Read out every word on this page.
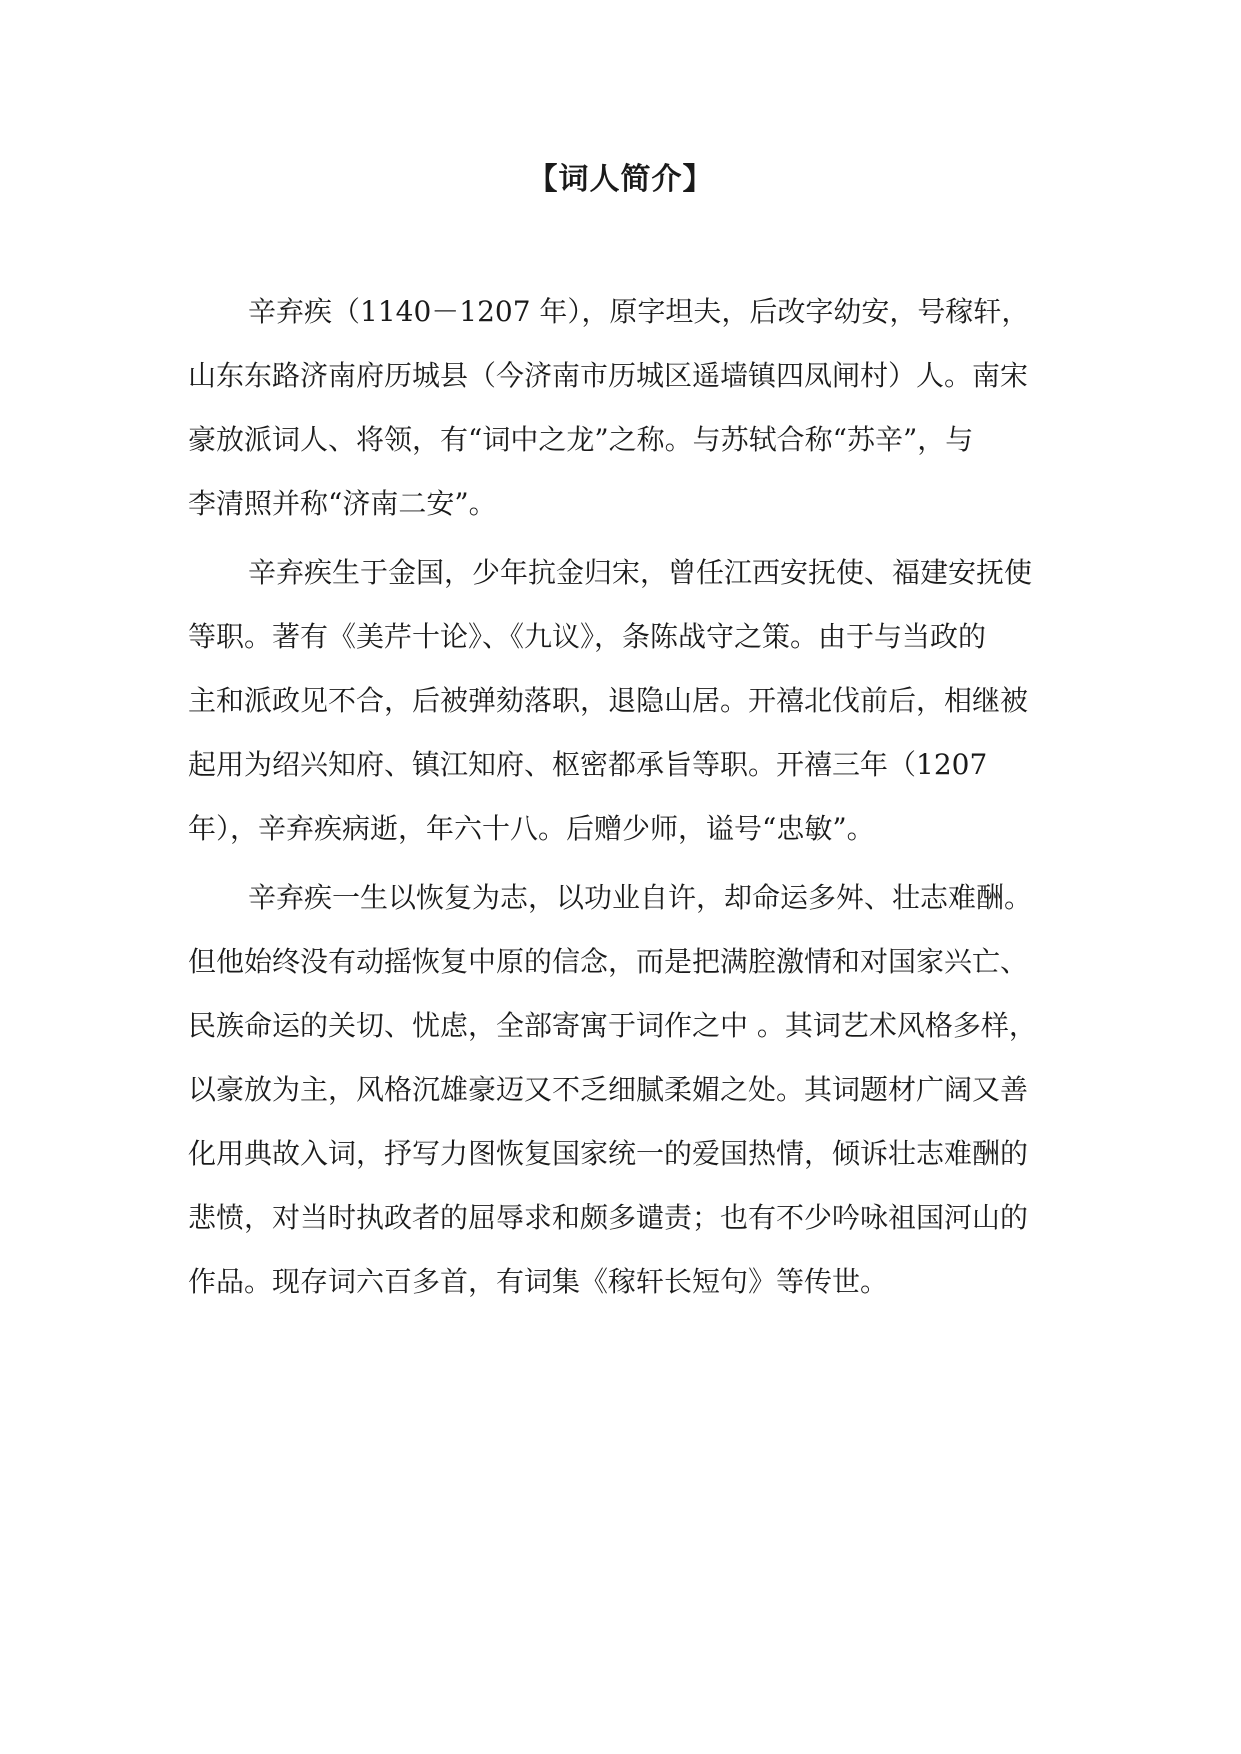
【词人简介】
辛弃疾（1140－1207 年），原字坦夫，后改字幼安，号稼轩，
山东东路济南府历城县（今济南市历城区遥墙镇四凤闸村）人。南宋
豪放派词人、将领，有“词中之龙”之称。与苏轼合称“苏辛”，与
李清照并称“济南二安”。
辛弃疾生于金国，少年抗金归宋，曾任江西安抚使、福建安抚使
等职。著有《美芹十论》、《九议》，条陈战守之策。由于与当政的
主和派政见不合，后被弹劾落职，退隐山居。开禧北伐前后，相继被
起用为绍兴知府、镇江知府、枢密都承旨等职。开禧三年（1207
年），辛弃疾病逝，年六十八。后赠少师，谥号“忠敏”。
辛弃疾一生以恢复为志，以功业自许，却命运多舛、壮志难酬。
但他始终没有动摇恢复中原的信念，而是把满腔激情和对国家兴亡、
民族命运的关切、忧虑，全部寄寓于词作之中 。其词艺术风格多样，
以豪放为主，风格沉雄豪迈又不乏细腻柔媚之处。其词题材广阔又善
化用典故入词，抒写力图恢复国家统一的爱国热情，倾诉壮志难酬的
悲愤，对当时执政者的屈辱求和颇多谴责；也有不少吟咏祖国河山的
作品。现存词六百多首，有词集《稼轩长短句》等传世。
